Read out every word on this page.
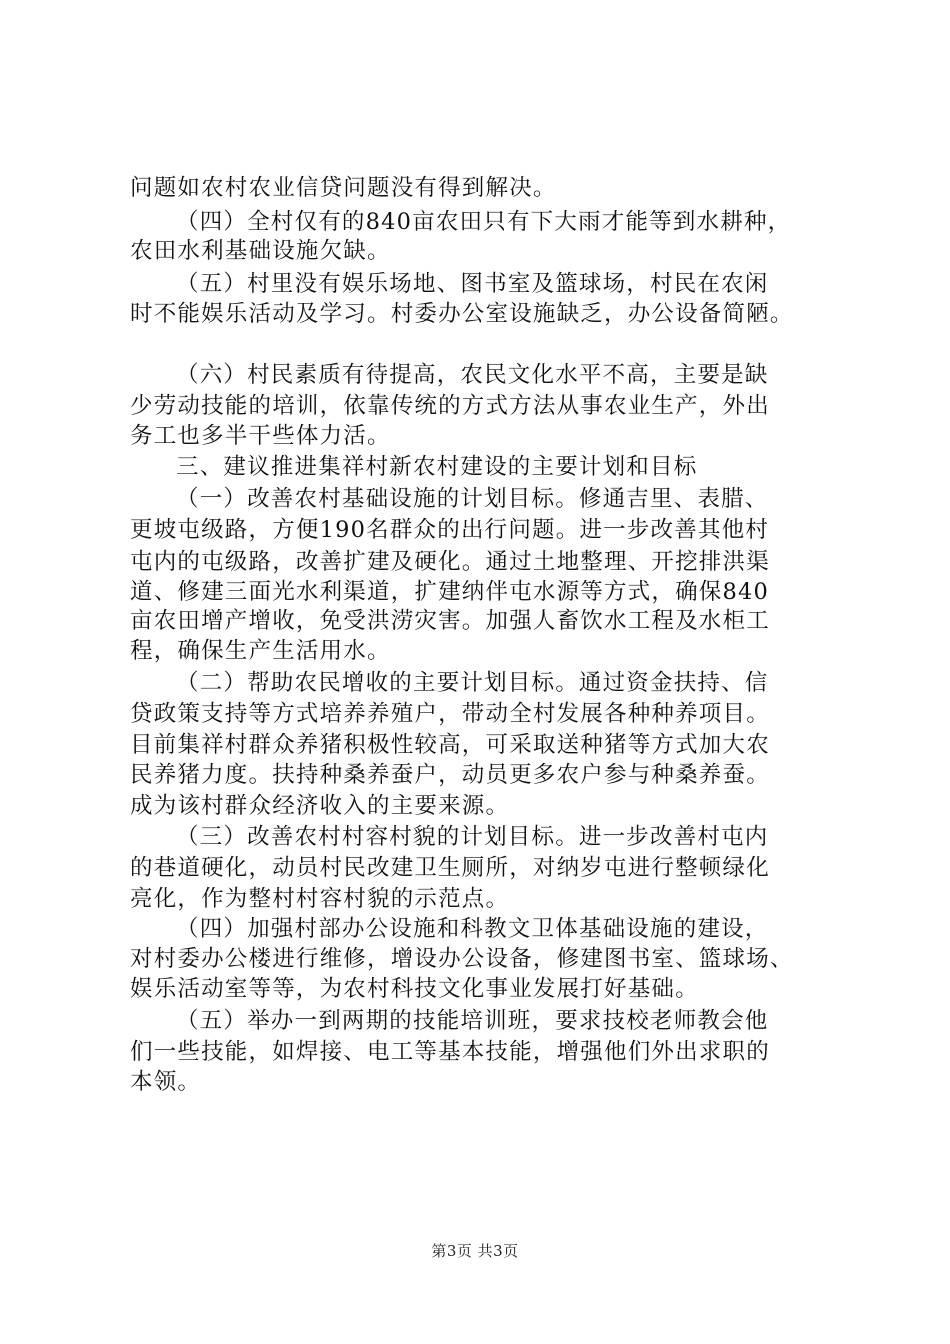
问题如农村农业信贷问题没有得到解决。

（四）全村仅有的840亩农田只有下大雨才能等到水耕种，

农田水利基础设施欠缺。

（五）村里没有娱乐场地、图书室及篮球场，村民在农闲

时不能娱乐活动及学习。村委办公室设施缺乏，办公设备简陋。

（六）村民素质有待提高，农民文化水平不高，主要是缺

少劳动技能的培训，依靠传统的方式方法从事农业生产，外出

务工也多半干些体力活。

三、建议推进集祥村新农村建设的主要计划和目标

（一）改善农村基础设施的计划目标。修通吉里、表腊、

更坡屯级路，方便190名群众的出行问题。进一步改善其他村

屯内的屯级路，改善扩建及硬化。通过土地整理、开挖排洪渠

道、修建三面光水利渠道，扩建纳伴屯水源等方式，确保840

亩农田增产增收，免受洪涝灾害。加强人畜饮水工程及水柜工

程，确保生产生活用水。

（二）帮助农民增收的主要计划目标。通过资金扶持、信

贷政策支持等方式培养养殖户，带动全村发展各种种养项目。

目前集祥村群众养猪积极性较高，可采取送种猪等方式加大农

民养猪力度。扶持种桑养蚕户，动员更多农户参与种桑养蚕。

成为该村群众经济收入的主要来源。

（三）改善农村村容村貌的计划目标。进一步改善村屯内

的巷道硬化，动员村民改建卫生厕所，对纳岁屯进行整顿绿化

亮化，作为整村村容村貌的示范点。

（四）加强村部办公设施和科教文卫体基础设施的建设，

对村委办公楼进行维修，增设办公设备，修建图书室、篮球场、

娱乐活动室等等，为农村科技文化事业发展打好基础。

（五）举办一到两期的技能培训班，要求技校老师教会他

们一些技能，如焊接、电工等基本技能，增强他们外出求职的

本领。

第3页 共3页
